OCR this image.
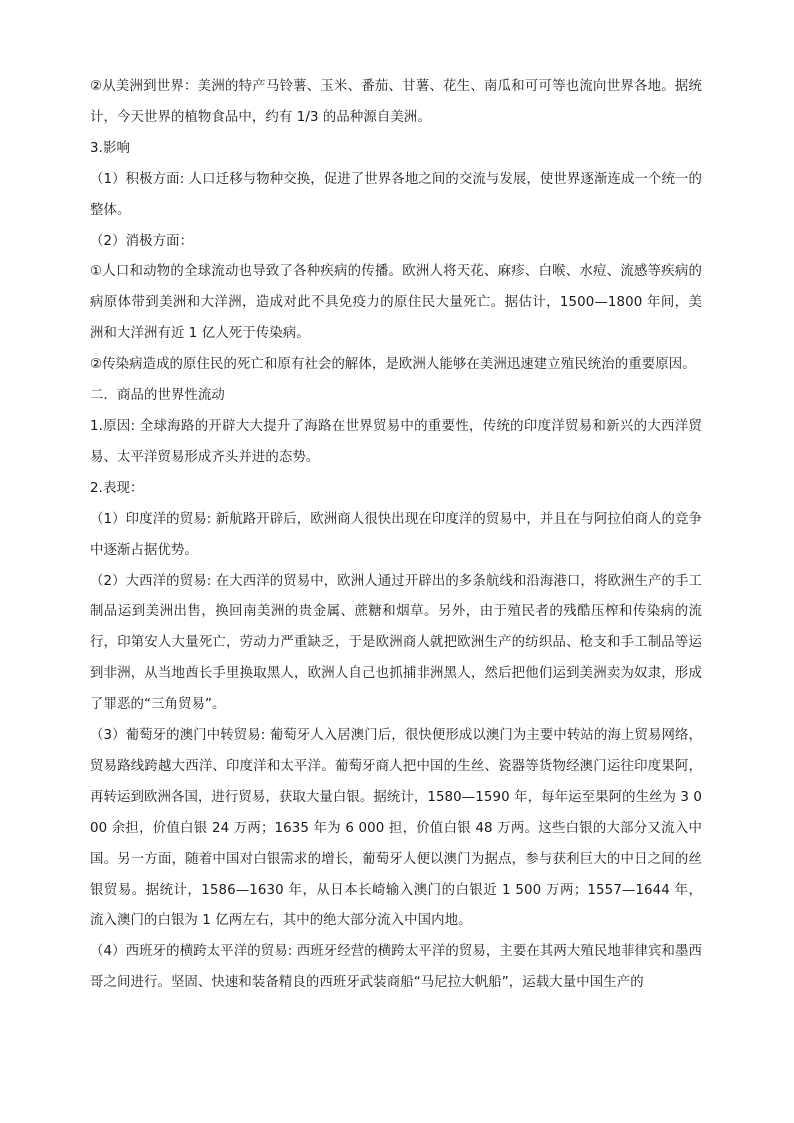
②从美洲到世界：美洲的特产马铃薯、玉米、番茄、甘薯、花生、南瓜和可可等也流向世界各地。据统计，今天世界的植物食品中，约有 1/3 的品种源自美洲。

3.影响

（1）积极方面: 人口迁移与物种交换，促进了世界各地之间的交流与发展，使世界逐渐连成一个统一的整体。

（2）消极方面：

①人口和动物的全球流动也导致了各种疾病的传播。欧洲人将天花、麻疹、白喉、水痘、流感等疾病的病原体带到美洲和大洋洲，造成对此不具免疫力的原住民大量死亡。据估计，1500—1800 年间，美洲和大洋洲有近 1 亿人死于传染病。

②传染病造成的原住民的死亡和原有社会的解体，是欧洲人能够在美洲迅速建立殖民统治的重要原因。

二．商品的世界性流动

1.原因: 全球海路的开辟大大提升了海路在世界贸易中的重要性，传统的印度洋贸易和新兴的大西洋贸易、太平洋贸易形成齐头并进的态势。

2.表现：

（1）印度洋的贸易: 新航路开辟后，欧洲商人很快出现在印度洋的贸易中，并且在与阿拉伯商人的竞争中逐渐占据优势。

（2）大西洋的贸易: 在大西洋的贸易中，欧洲人通过开辟出的多条航线和沿海港口，将欧洲生产的手工制品运到美洲出售，换回南美洲的贵金属、蔗糖和烟草。另外，由于殖民者的残酷压榨和传染病的流行，印第安人大量死亡，劳动力严重缺乏，于是欧洲商人就把欧洲生产的纺织品、枪支和手工制品等运到非洲，从当地酋长手里换取黑人，欧洲人自己也抓捕非洲黑人，然后把他们运到美洲卖为奴隶，形成了罪恶的“三角贸易”。

（3）葡萄牙的澳门中转贸易: 葡萄牙人入居澳门后，很快便形成以澳门为主要中转站的海上贸易网络，贸易路线跨越大西洋、印度洋和太平洋。葡萄牙商人把中国的生丝、瓷器等货物经澳门运往印度果阿，再转运到欧洲各国，进行贸易，获取大量白银。据统计，1580—1590 年，每年运至果阿的生丝为 3 000 余担，价值白银 24 万两；1635 年为 6 000 担，价值白银 48 万两。这些白银的大部分又流入中国。另一方面，随着中国对白银需求的增长，葡萄牙人便以澳门为据点，参与获利巨大的中日之间的丝银贸易。据统计，1586—1630 年，从日本长崎输入澳门的白银近 1 500 万两；1557—1644 年，流入澳门的白银为 1 亿两左右，其中的绝大部分流入中国内地。

（4）西班牙的横跨太平洋的贸易: 西班牙经营的横跨太平洋的贸易，主要在其两大殖民地菲律宾和墨西哥之间进行。坚固、快速和装备精良的西班牙武装商船“马尼拉大帆船”，运载大量中国生产的
